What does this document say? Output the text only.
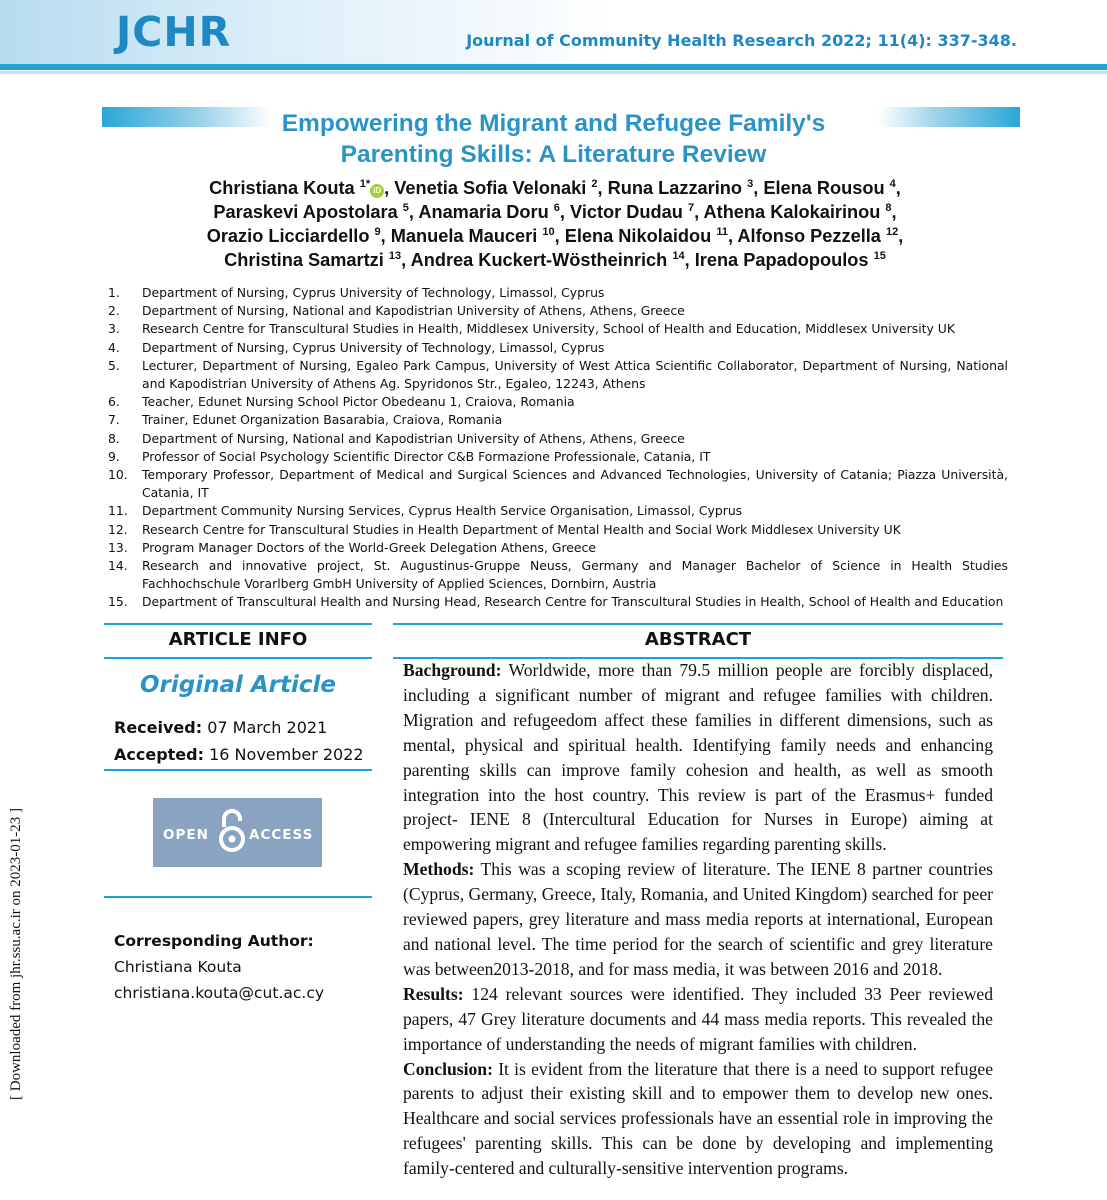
JCHR	Journal of Community Health Research 2022; 11(4): 337-348.
Empowering the Migrant and Refugee Family's
Parenting Skills: A Literature Review
Christiana Kouta $^{1*}$iD , Venetia Sofia Velonaki $^2$, Runa Lazzarino $^3$, Elena Rousou $^4$,
Paraskevi Apostolara $^5$, Anamaria Doru $^6$, Victor Dudau $^7$, Athena Kalokairinou $^8$,
Orazio Licciardello $^9$, Manuela Mauceri $^{10}$, Elena Nikolaidou $^{11}$, Alfonso Pezzella $^{12}$,
Christina Samartzi $^{13}$, Andrea Kuckert-Wöstheinrich $^{14}$, Irena Papadopoulos $^{15}$
1. Department of Nursing, Cyprus University of Technology, Limassol, Cyprus
2. Department of Nursing, National and Kapodistrian University of Athens, Athens, Greece
3. Research Centre for Transcultural Studies in Health, Middlesex University, School of Health and Education, Middlesex University UK
4. Department of Nursing, Cyprus University of Technology, Limassol, Cyprus
5. Lecturer, Department of Nursing, Egaleo Park Campus, University of West Attica Scientific Collaborator, Department of Nursing, National and Kapodistrian University of Athens Ag. Spyridonos Str., Egaleo, 12243, Athens
6. Teacher, Edunet Nursing School Pictor Obedeanu 1, Craiova, Romania
7. Trainer, Edunet Organization Basarabia, Craiova, Romania
8. Department of Nursing, National and Kapodistrian University of Athens, Athens, Greece
9. Professor of Social Psychology Scientific Director C&B Formazione Professionale, Catania, IT
10. Temporary Professor, Department of Medical and Surgical Sciences and Advanced Technologies, University of Catania; Piazza Università, Catania, IT
11. Department Community Nursing Services, Cyprus Health Service Organisation, Limassol, Cyprus
12. Research Centre for Transcultural Studies in Health Department of Mental Health and Social Work Middlesex University UK
13. Program Manager Doctors of the World-Greek Delegation Athens, Greece
14. Research and innovative project, St. Augustinus-Gruppe Neuss, Germany and Manager Bachelor of Science in Health Studies Fachhochschule Vorarlberg GmbH University of Applied Sciences, Dornbirn, Austria
15. Department of Transcultural Health and Nursing Head, Research Centre for Transcultural Studies in Health, School of Health and Education
ARTICLE INFO
Original Article
Received: 07 March 2021
Accepted: 16 November 2022
OPEN	ACCESS
Corresponding Author:
Christiana Kouta
christiana.kouta@cut.ac.cy
ABSTRACT

Bachground: Worldwide, more than 79.5 million people are forcibly displaced, including a significant number of migrant and refugee families with children. Migration and refugeedom affect these families in different dimensions, such as mental, physical and spiritual health. Identifying family needs and enhancing parenting skills can improve family cohesion and health, as well as smooth integration into the host country. This review is part of the Erasmus+ funded project- IENE 8 (Intercultural Education for Nurses in Europe) aiming at empowering migrant and refugee families regarding parenting skills.

Methods: This was a scoping review of literature. The IENE 8 partner countries (Cyprus, Germany, Greece, Italy, Romania, and United Kingdom) searched for peer reviewed papers, grey literature and mass media reports at international, European and national level. The time period for the search of scientific and grey literature was between2013-2018, and for mass media, it was between 2016 and 2018.

Results: 124 relevant sources were identified. They included 33 Peer reviewed papers, 47 Grey literature documents and 44 mass media reports. This revealed the importance of understanding the needs of migrant families with children.

Conclusion: It is evident from the literature that there is a need to support refugee parents to adjust their existing skill and to empower them to develop new ones. Healthcare and social services professionals have an essential role in improving the refugees' parenting skills. This can be done by developing and implementing family-centered and culturally-sensitive intervention programs.

[ Downloaded from jhr.ssu.ac.ir on 2023-01-23 ]
